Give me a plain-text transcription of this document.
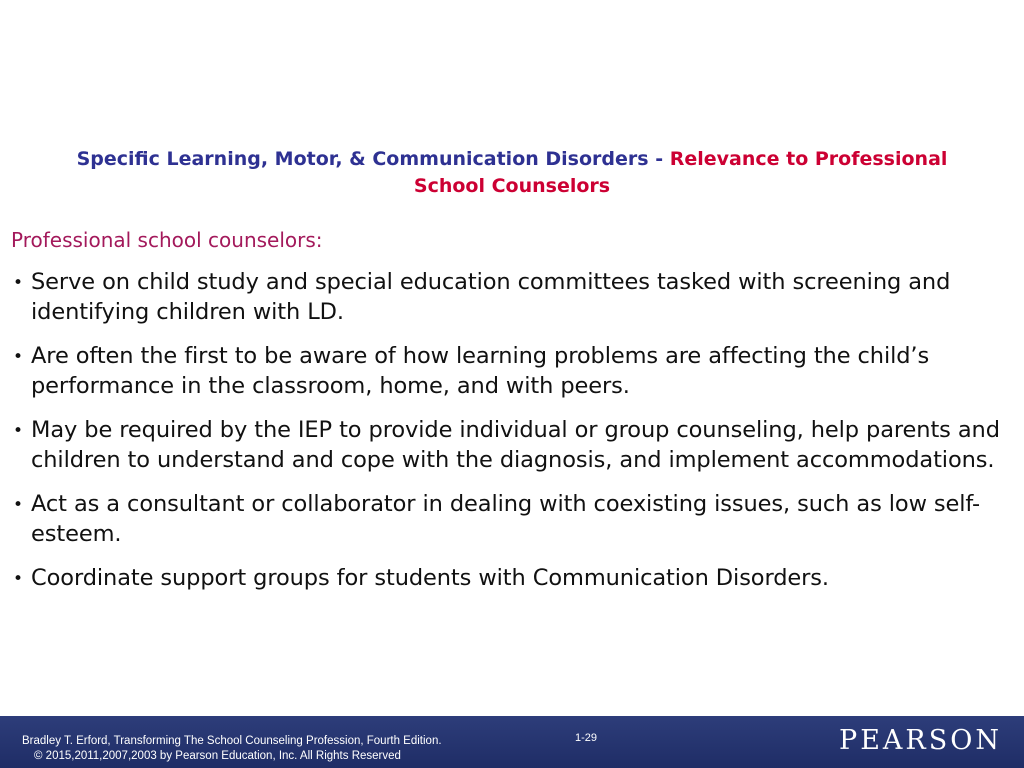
Specific Learning, Motor, & Communication Disorders - Relevance to Professional School Counselors
Professional school counselors:
• Serve on child study and special education committees tasked with screening and identifying children with LD.
• Are often the first to be aware of how learning problems are affecting the child’s performance in the classroom, home, and with peers.
• May be required by the IEP to provide individual or group counseling, help parents and children to understand and cope with the diagnosis, and implement accommodations.
• Act as a consultant or collaborator in dealing with coexisting issues, such as low self-esteem.
• Coordinate support groups for students with Communication Disorders.
Bradley T. Erford, Transforming The School Counseling Profession, Fourth Edition.
© 2015,2011,2007,2003 by Pearson Education, Inc. All Rights Reserved
1-29	PEARSON
